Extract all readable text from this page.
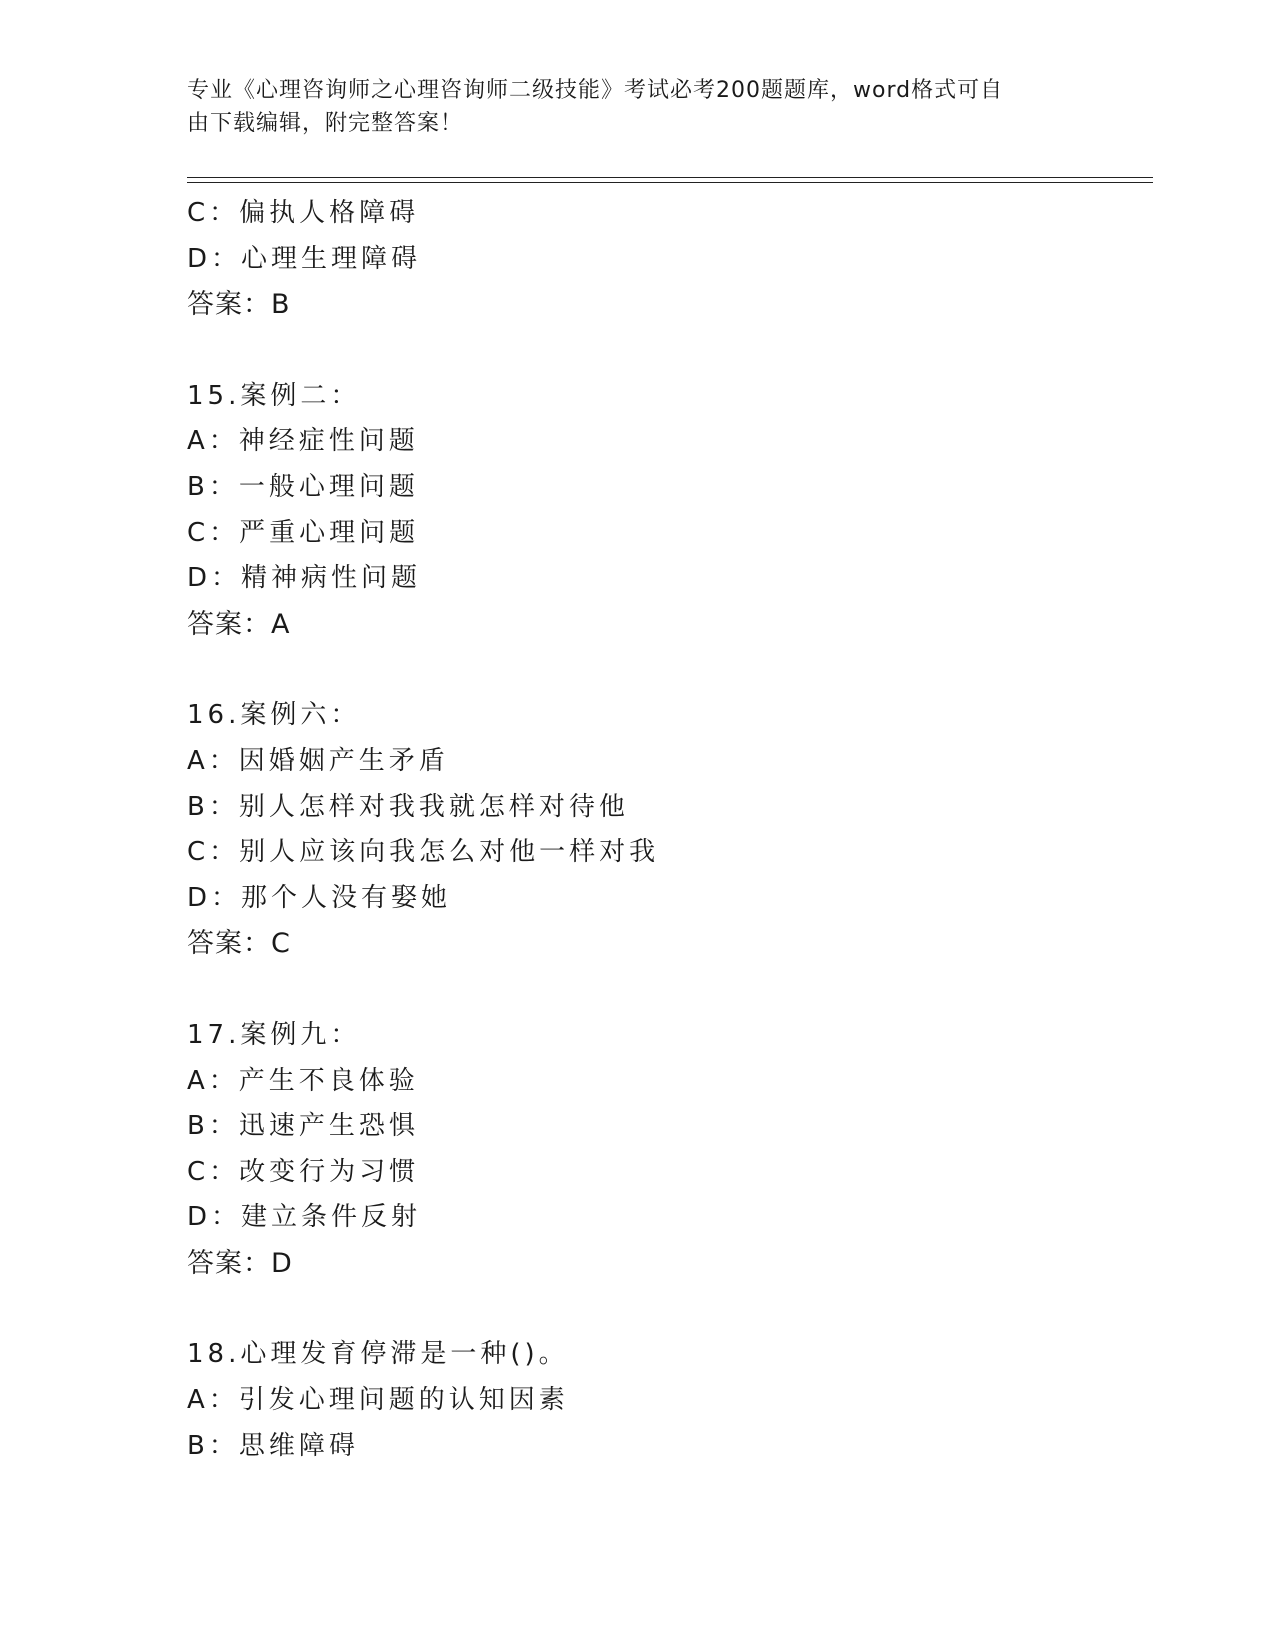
专业《心理咨询师之心理咨询师二级技能》考试必考200题题库，word格式可自
由下载编辑，附完整答案！
C：偏执人格障碍
D：心理生理障碍
答案：B
15.案例二：
A：神经症性问题
B：一般心理问题
C：严重心理问题
D：精神病性问题
答案：A
16.案例六：
A：因婚姻产生矛盾
B：别人怎样对我我就怎样对待他
C：别人应该向我怎么对他一样对我
D：那个人没有娶她
答案：C
17.案例九：
A：产生不良体验
B：迅速产生恐惧
C：改变行为习惯
D：建立条件反射
答案：D
18.心理发育停滞是一种()。
A：引发心理问题的认知因素
B：思维障碍
